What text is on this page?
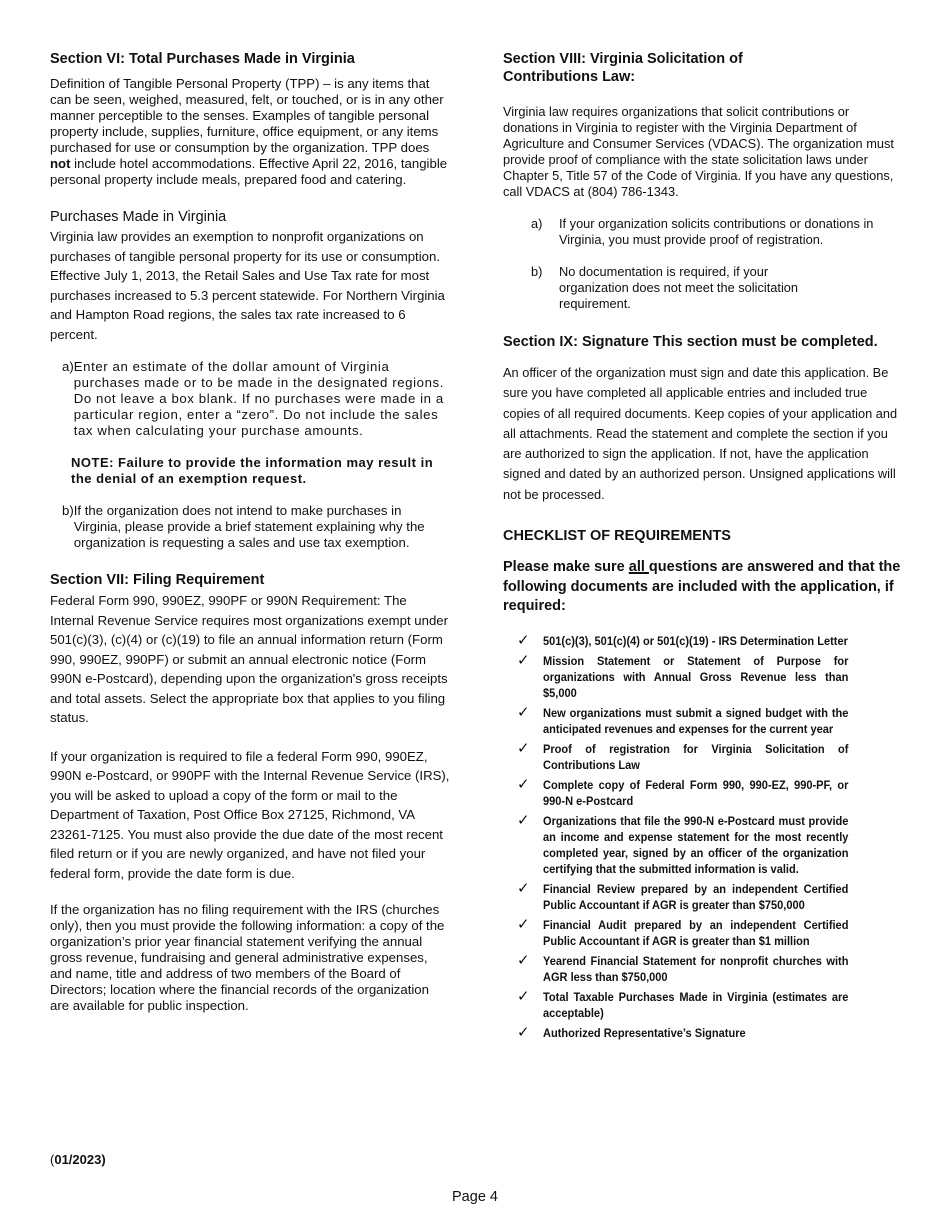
Section VI: Total Purchases Made in Virginia

Definition of Tangible Personal Property (TPP) – is any items that can be seen, weighed, measured, felt, or touched, or is in any other manner perceptible to the senses. Examples of tangible personal property include, supplies, furniture, office equipment, or any items purchased for use or consumption by the organization. TPP does not include hotel accommodations. Effective April 22, 2016, tangible personal property include meals, prepared food and catering.

Purchases Made in Virginia

Virginia law provides an exemption to nonprofit organizations on purchases of tangible personal property for its use or consumption. Effective July 1, 2013, the Retail Sales and Use Tax rate for most purchases increased to 5.3 percent statewide. For Northern Virginia and Hampton Road regions, the sales tax rate increased to 6 percent.

a) Enter an estimate of the dollar amount of Virginia purchases made or to be made in the designated regions. Do not leave a box blank. If no purchases were made in a particular region, enter a “zero”. Do not include the sales tax when calculating your purchase amounts.

NOTE: Failure to provide the information may result in the denial of an exemption request.

b) If the organization does not intend to make purchases in Virginia, please provide a brief statement explaining why the organization is requesting a sales and use tax exemption.
Section VII: Filing Requirement

Federal Form 990, 990EZ, 990PF or 990N Requirement: The Internal Revenue Service requires most organizations exempt under 501(c)(3), (c)(4) or (c)(19) to file an annual information return (Form 990, 990EZ, 990PF) or submit an annual electronic notice (Form 990N e-Postcard), depending upon the organization's gross receipts and total assets. Select the appropriate box that applies to you filing status.

If your organization is required to file a federal Form 990, 990EZ, 990N e-Postcard, or 990PF with the Internal Revenue Service (IRS), you will be asked to upload a copy of the form or mail to the Department of Taxation, Post Office Box 27125, Richmond, VA 23261-7125. You must also provide the due date of the most recent filed return or if you are newly organized, and have not filed your federal form, provide the date form is due.

If the organization has no filing requirement with the IRS (churches only), then you must provide the following information: a copy of the organization’s prior year financial statement verifying the annual gross revenue, fundraising and general administrative expenses, and name, title and address of two members of the Board of Directors; location where the financial records of the organization are available for public inspection.

Section VIII: Virginia Solicitation of Contributions Law:

Virginia law requires organizations that solicit contributions or donations in Virginia to register with the Virginia Department of Agriculture and Consumer Services (VDACS). The organization must provide proof of compliance with the state solicitation laws under Chapter 5, Title 57 of the Code of Virginia. If you have any questions, call VDACS at (804) 786-1343.

a)	If your organization solicits contributions or donations in Virginia, you must provide proof of registration.
b)	No documentation is required, if your organization does not meet the solicitation requirement.
Section IX: Signature This section must be completed.

An officer of the organization must sign and date this application. Be sure you have completed all applicable entries and included true copies of all required documents. Keep copies of your application and all attachments. Read the statement and complete the section if you are authorized to sign the application. If not, have the application signed and dated by an authorized person. Unsigned applications will not be processed.

CHECKLIST OF REQUIREMENTS

Please make sure all questions are answered and that the following documents are included with the application, if required:

✓	501(c)(3), 501(c)(4) or 501(c)(19) - IRS Determination Letter
✓	Mission Statement or Statement of Purpose for organizations with Annual Gross Revenue less than $5,000
✓	New organizations must submit a signed budget with the anticipated revenues and expenses for the current year
✓	Proof of registration for Virginia Solicitation of Contributions Law
✓	Complete copy of Federal Form 990, 990-EZ, 990-PF, or 990-N e-Postcard
✓	Organizations that file the 990-N e-Postcard must provide an income and expense statement for the most recently completed year, signed by an officer of the organization certifying that the submitted information is valid.
✓	Financial Review prepared by an independent Certified Public Accountant if AGR is greater than $750,000
✓	Financial Audit prepared by an independent Certified Public Accountant if AGR is greater than $1 million
✓	Yearend Financial Statement for nonprofit churches with AGR less than $750,000
✓	Total Taxable Purchases Made in Virginia (estimates are acceptable)
✓	Authorized Representative’s Signature
(01/2023)
Page 4
